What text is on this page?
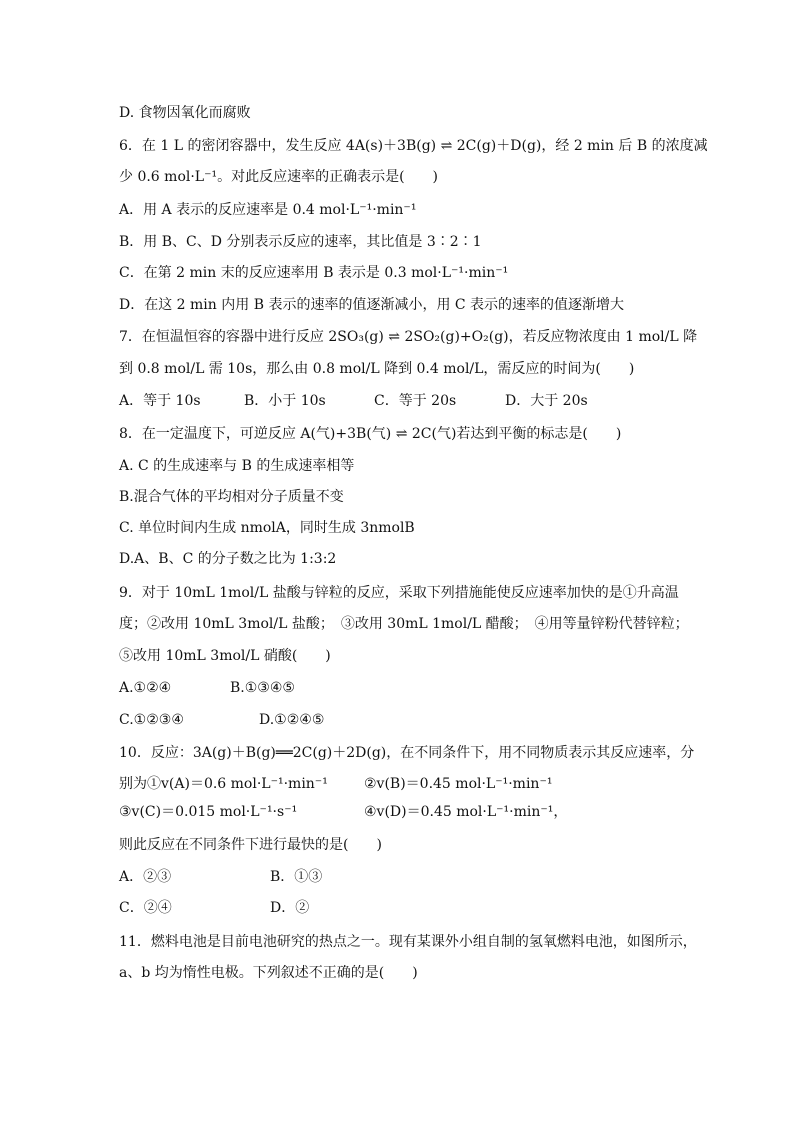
D. 食物因氧化而腐败
6．在 1 L 的密闭容器中，发生反应 4A(s)＋3B(g) ⇌ 2C(g)＋D(g)，经 2 min 后 B 的浓度减
少 0.6 mol·L⁻¹。对此反应速率的正确表示是(　　)
A．用 A 表示的反应速率是 0.4 mol·L⁻¹·min⁻¹
B．用 B、C、D 分别表示反应的速率，其比值是 3∶2∶1
C．在第 2 min 末的反应速率用 B 表示是 0.3 mol·L⁻¹·min⁻¹
D．在这 2 min 内用 B 表示的速率的值逐渐减小，用 C 表示的速率的值逐渐增大
7．在恒温恒容的容器中进行反应 2SO₃(g) ⇌ 2SO₂(g)+O₂(g)，若反应物浓度由 1 mol/L 降
到 0.8 mol/L 需 10s，那么由 0.8 mol/L 降到 0.4 mol/L，需反应的时间为(　　)
A．等于 10s	B．小于 10s	C．等于 20s	D．大于 20s
8．在一定温度下，可逆反应 A(气)+3B(气) ⇌ 2C(气)若达到平衡的标志是(　　)
A. C 的生成速率与 B 的生成速率相等
B.混合气体的平均相对分子质量不变
C. 单位时间内生成 nmolA，同时生成 3nmolB
D.A、B、C 的分子数之比为 1:3:2
9．对于 10mL 1mol/L 盐酸与锌粒的反应，采取下列措施能使反应速率加快的是①升高温
度；②改用 10mL 3mol/L 盐酸；　③改用 30mL 1mol/L 醋酸；　④用等量锌粉代替锌粒；
⑤改用 10mL 3mol/L 硝酸(　　)
A.①②④	B.①③④⑤
C.①②③④	D.①②④⑤
10．反应：3A(g)＋B(g)══2C(g)＋2D(g)，在不同条件下，用不同物质表示其反应速率，分
别为①v(A)＝0.6 mol·L⁻¹·min⁻¹	②v(B)＝0.45 mol·L⁻¹·min⁻¹
③v(C)＝0.015 mol·L⁻¹·s⁻¹	④v(D)＝0.45 mol·L⁻¹·min⁻¹，
则此反应在不同条件下进行最快的是(　　)
A．②③	B．①③
C．②④	D．②
11．燃料电池是目前电池研究的热点之一。现有某课外小组自制的氢氧燃料电池，如图所示，
a、b 均为惰性电极。下列叙述不正确的是(　　)
